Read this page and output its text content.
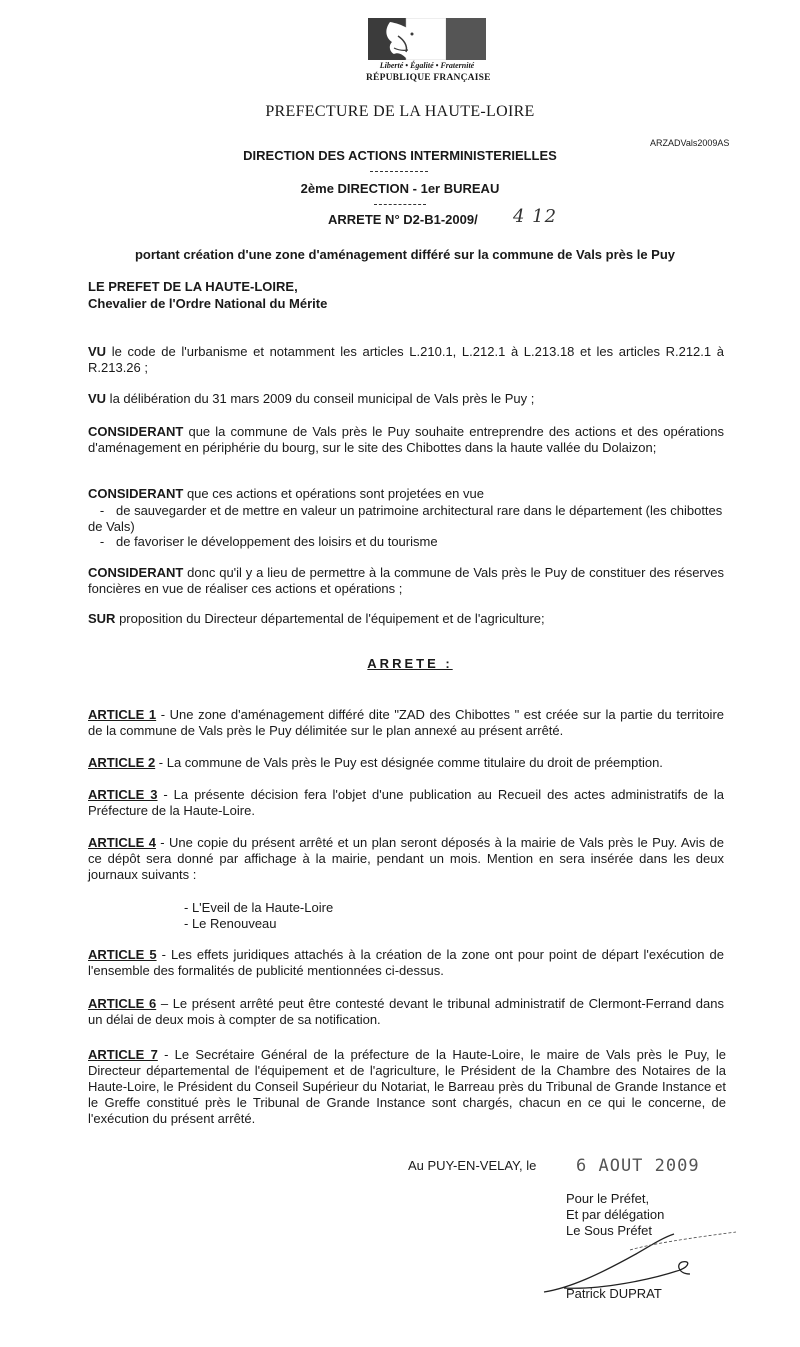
Liberté • Égalité • Fraternité
RÉPUBLIQUE FRANÇAISE
PREFECTURE DE LA HAUTE-LOIRE
ARZADVals2009AS
DIRECTION DES ACTIONS INTERMINISTERIELLES
2ème DIRECTION - 1er BUREAU
ARRETE N° D2-B1-2009/ 4 12
portant création d'une zone d'aménagement différé sur la commune de Vals près le Puy
LE PREFET DE LA HAUTE-LOIRE,
Chevalier de l'Ordre National du Mérite
VU le code de l'urbanisme et notamment les articles L.210.1, L.212.1 à L.213.18 et les articles R.212.1 à R.213.26 ;
VU la délibération du 31 mars 2009 du conseil municipal de Vals près le Puy ;
CONSIDERANT que la commune de Vals près le Puy souhaite entreprendre des actions et des opérations d'aménagement en périphérie du bourg, sur le site des Chibottes dans la haute vallée du Dolaizon;
CONSIDERANT que ces actions et opérations sont projetées en vue
- de sauvegarder et de mettre en valeur un patrimoine architectural rare dans le département (les chibottes de Vals)
- de favoriser le développement des loisirs et du tourisme
CONSIDERANT donc qu'il y a lieu de permettre à la commune de Vals près le Puy de constituer des réserves foncières en vue de réaliser ces actions et opérations ;
SUR proposition du Directeur départemental de l'équipement et de l'agriculture;
ARRETE :
ARTICLE 1 - Une zone d'aménagement différé dite "ZAD des Chibottes " est créée sur la partie du territoire de la commune de Vals près le Puy délimitée sur le plan annexé au présent arrêté.
ARTICLE 2 - La commune de Vals près le Puy est désignée comme titulaire du droit de préemption.
ARTICLE 3 - La présente décision fera l'objet d'une publication au Recueil des actes administratifs de la Préfecture de la Haute-Loire.
ARTICLE 4 - Une copie du présent arrêté et un plan seront déposés à la mairie de Vals près le Puy. Avis de ce dépôt sera donné par affichage à la mairie, pendant un mois. Mention en sera insérée dans les deux journaux suivants :
- L'Eveil de la Haute-Loire
- Le Renouveau
ARTICLE 5 - Les effets juridiques attachés à la création de la zone ont pour point de départ l'exécution de l'ensemble des formalités de publicité mentionnées ci-dessus.
ARTICLE 6 – Le présent arrêté peut être contesté devant le tribunal administratif de Clermont-Ferrand dans un délai de deux mois à compter de sa notification.
ARTICLE 7 - Le Secrétaire Général de la préfecture de la Haute-Loire, le maire de Vals près le Puy, le Directeur départemental de l'équipement et de l'agriculture, le Président de la Chambre des Notaires de la Haute-Loire, le Président du Conseil Supérieur du Notariat, le Barreau près du Tribunal de Grande Instance et le Greffe constitué près le Tribunal de Grande Instance sont chargés, chacun en ce qui le concerne, de l'exécution du présent arrêté.
Au PUY-EN-VELAY, le 6 AOUT 2009
Pour le Préfet,
Et par délégation
Le Sous Préfet
Patrick DUPRAT
